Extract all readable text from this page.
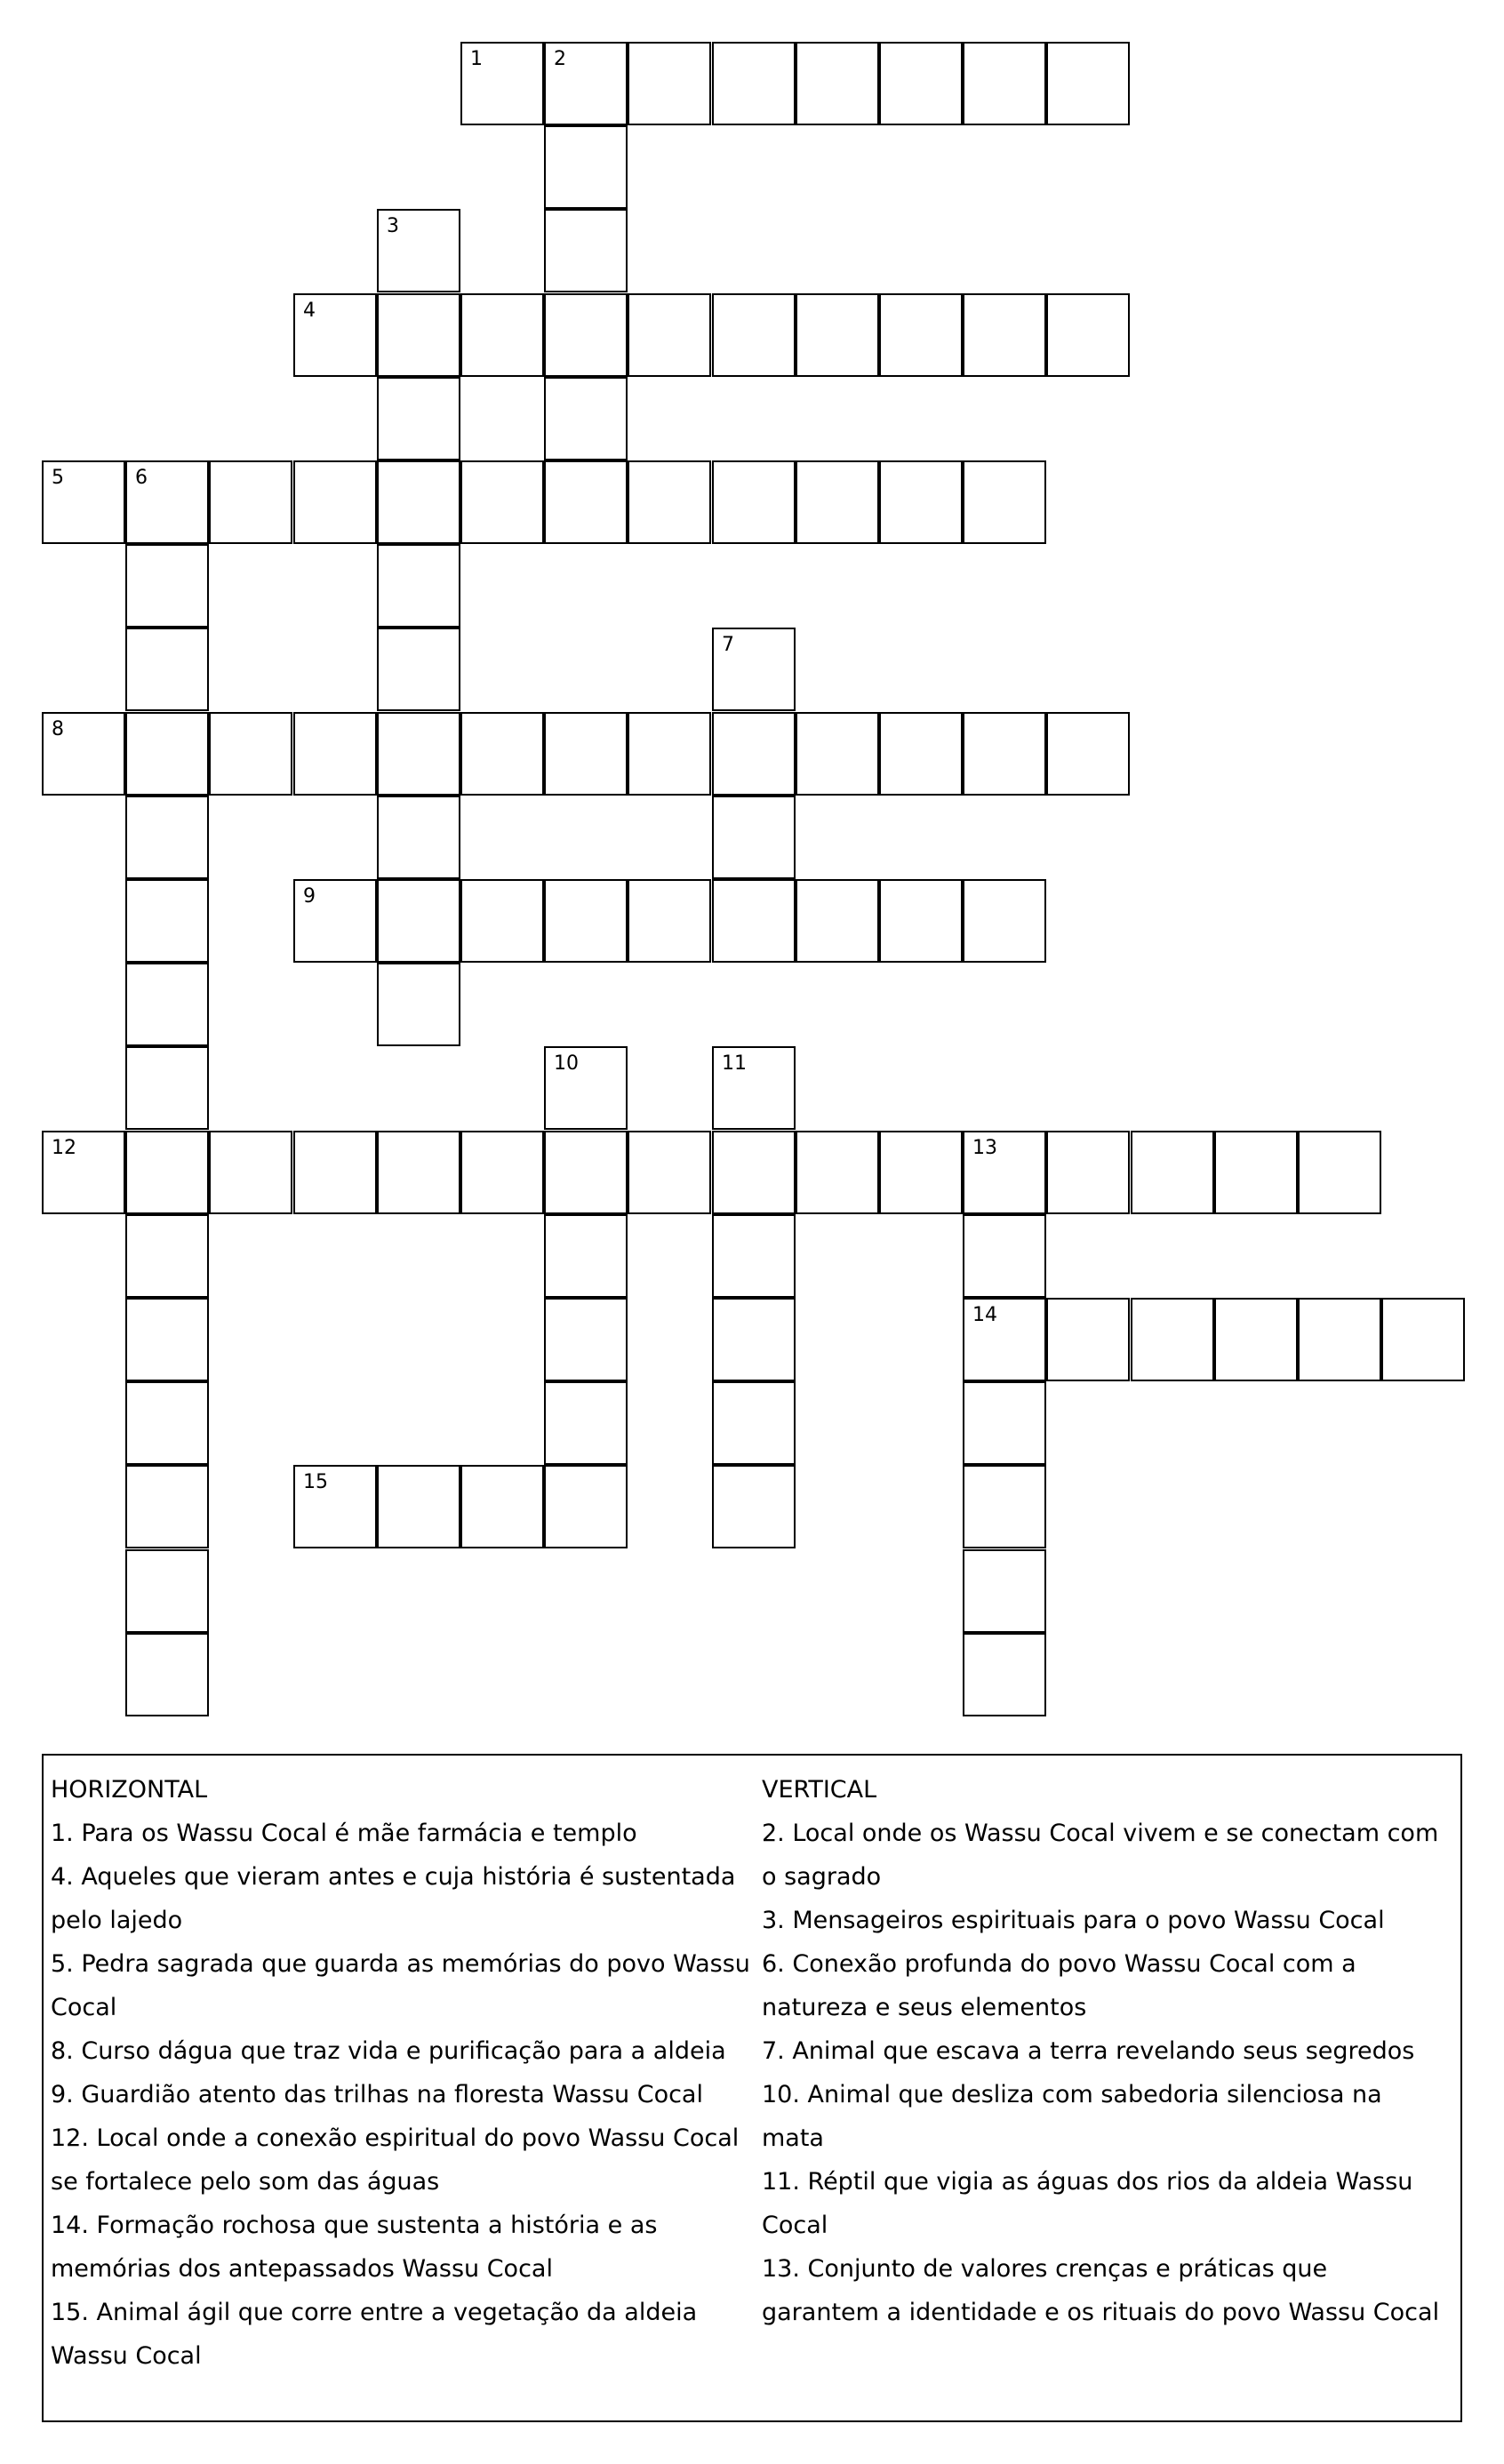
1	2
3
4
5	6
7
8
9
10	11
12	13
14
15

HORIZONTAL

1. Para os Wassu Cocal é mãe farmácia e templo

4. Aqueles que vieram antes e cuja história é sustentada pelo lajedo

5. Pedra sagrada que guarda as memórias do povo Wassu Cocal

8. Curso dágua que traz vida e purificação para a aldeia

9. Guardião atento das trilhas na floresta Wassu Cocal

12. Local onde a conexão espiritual do povo Wassu Cocal se fortalece pelo som das águas

14. Formação rochosa que sustenta a história e as memórias dos antepassados Wassu Cocal

15. Animal ágil que corre entre a vegetação da aldeia Wassu Cocal

VERTICAL

2. Local onde os Wassu Cocal vivem e se conectam com o sagrado

3. Mensageiros espirituais para o povo Wassu Cocal

6. Conexão profunda do povo Wassu Cocal com a natureza e seus elementos

7. Animal que escava a terra revelando seus segredos

10. Animal que desliza com sabedoria silenciosa na mata

11. Réptil que vigia as águas dos rios da aldeia Wassu Cocal

13. Conjunto de valores crenças e práticas que garantem a identidade e os rituais do povo Wassu Cocal
